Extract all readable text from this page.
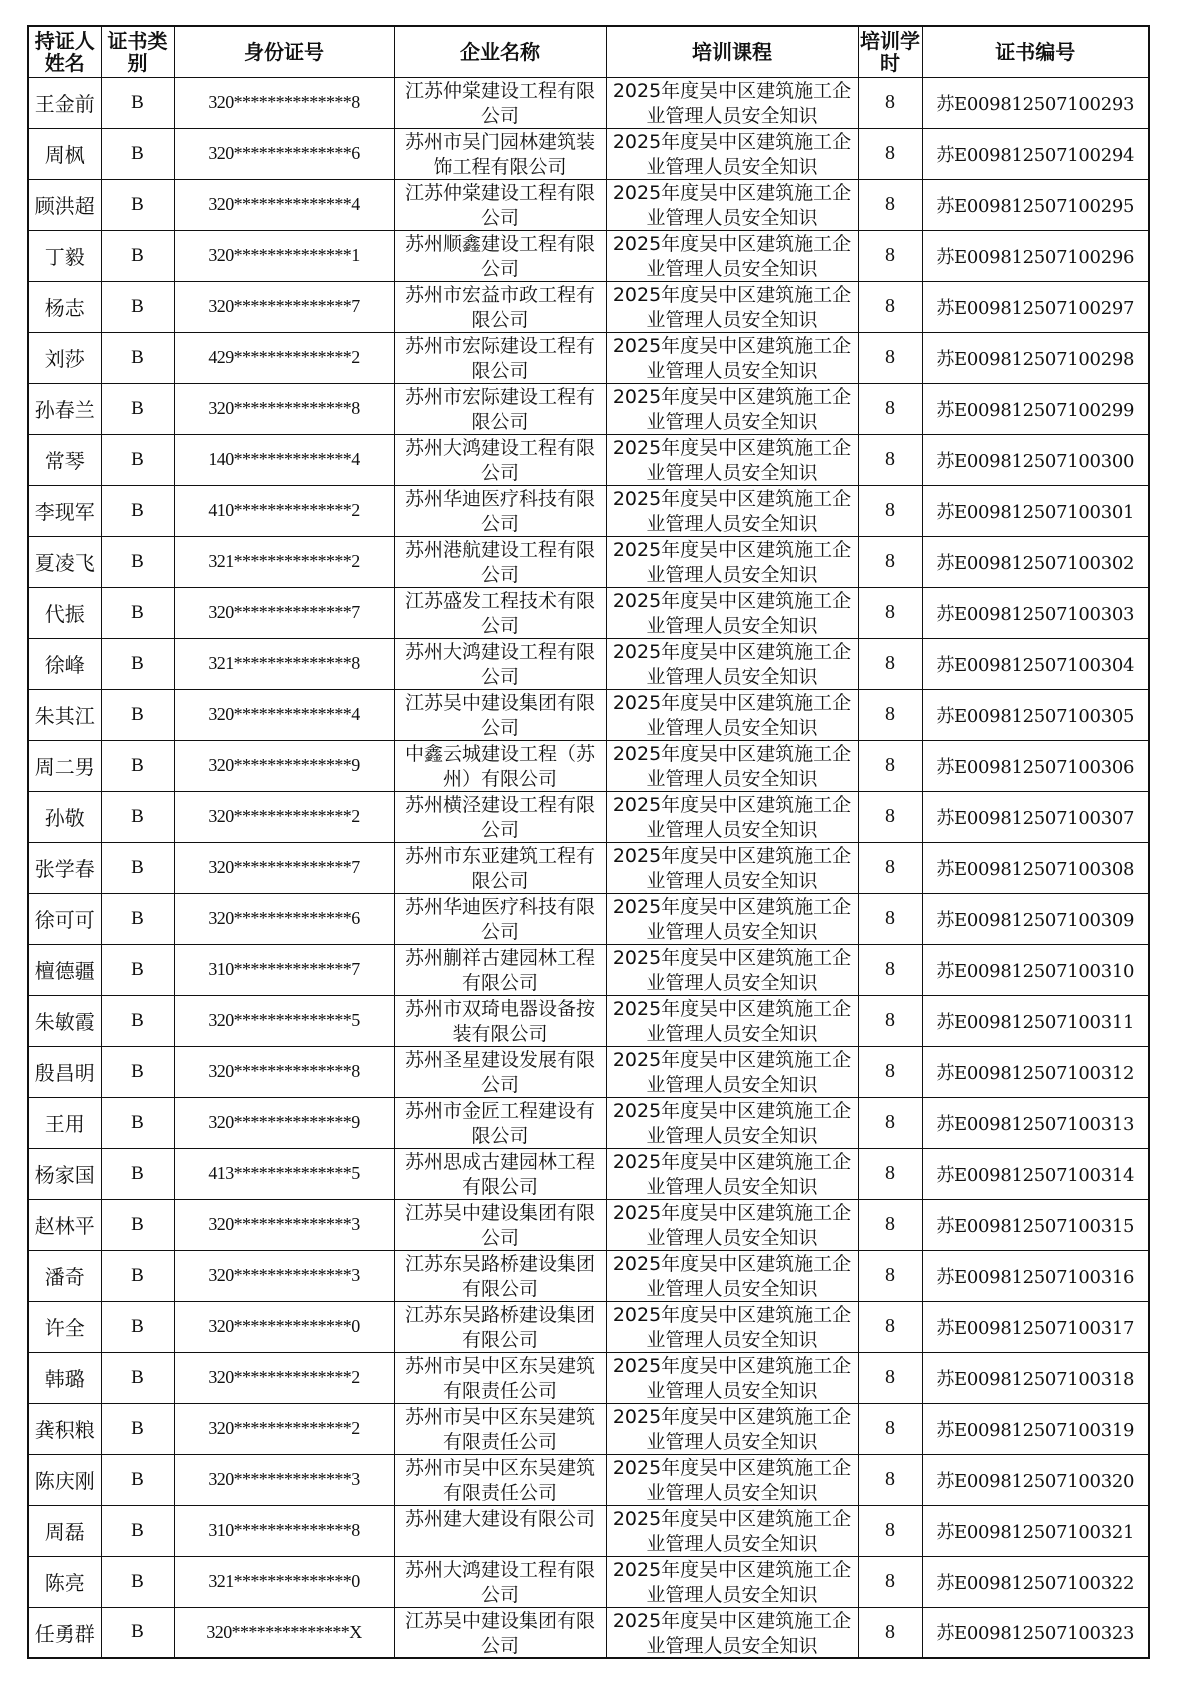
持证人姓名	证书类别	身份证号	企业名称	培训课程	培训学时	证书编号
王金前	B	320**************8	江苏仲棠建设工程有限公司	2025年度吴中区建筑施工企业管理人员安全知识	8	苏E009812507100293
周枫	B	320**************6	苏州市吴门园林建筑装饰工程有限公司	2025年度吴中区建筑施工企业管理人员安全知识	8	苏E009812507100294
顾洪超	B	320**************4	江苏仲棠建设工程有限公司	2025年度吴中区建筑施工企业管理人员安全知识	8	苏E009812507100295
丁毅	B	320**************1	苏州顺鑫建设工程有限公司	2025年度吴中区建筑施工企业管理人员安全知识	8	苏E009812507100296
杨志	B	320**************7	苏州市宏益市政工程有限公司	2025年度吴中区建筑施工企业管理人员安全知识	8	苏E009812507100297
刘莎	B	429**************2	苏州市宏际建设工程有限公司	2025年度吴中区建筑施工企业管理人员安全知识	8	苏E009812507100298
孙春兰	B	320**************8	苏州市宏际建设工程有限公司	2025年度吴中区建筑施工企业管理人员安全知识	8	苏E009812507100299
常琴	B	140**************4	苏州大鸿建设工程有限公司	2025年度吴中区建筑施工企业管理人员安全知识	8	苏E009812507100300
李现军	B	410**************2	苏州华迪医疗科技有限公司	2025年度吴中区建筑施工企业管理人员安全知识	8	苏E009812507100301
夏凌飞	B	321**************2	苏州港航建设工程有限公司	2025年度吴中区建筑施工企业管理人员安全知识	8	苏E009812507100302
代振	B	320**************7	江苏盛发工程技术有限公司	2025年度吴中区建筑施工企业管理人员安全知识	8	苏E009812507100303
徐峰	B	321**************8	苏州大鸿建设工程有限公司	2025年度吴中区建筑施工企业管理人员安全知识	8	苏E009812507100304
朱其江	B	320**************4	江苏吴中建设集团有限公司	2025年度吴中区建筑施工企业管理人员安全知识	8	苏E009812507100305
周二男	B	320**************9	中鑫云城建设工程（苏州）有限公司	2025年度吴中区建筑施工企业管理人员安全知识	8	苏E009812507100306
孙敬	B	320**************2	苏州横泾建设工程有限公司	2025年度吴中区建筑施工企业管理人员安全知识	8	苏E009812507100307
张学春	B	320**************7	苏州市东亚建筑工程有限公司	2025年度吴中区建筑施工企业管理人员安全知识	8	苏E009812507100308
徐可可	B	320**************6	苏州华迪医疗科技有限公司	2025年度吴中区建筑施工企业管理人员安全知识	8	苏E009812507100309
檀德疆	B	310**************7	苏州蒯祥古建园林工程有限公司	2025年度吴中区建筑施工企业管理人员安全知识	8	苏E009812507100310
朱敏霞	B	320**************5	苏州市双琦电器设备按装有限公司	2025年度吴中区建筑施工企业管理人员安全知识	8	苏E009812507100311
殷昌明	B	320**************8	苏州圣星建设发展有限公司	2025年度吴中区建筑施工企业管理人员安全知识	8	苏E009812507100312
王用	B	320**************9	苏州市金匠工程建设有限公司	2025年度吴中区建筑施工企业管理人员安全知识	8	苏E009812507100313
杨家国	B	413**************5	苏州思成古建园林工程有限公司	2025年度吴中区建筑施工企业管理人员安全知识	8	苏E009812507100314
赵林平	B	320**************3	江苏吴中建设集团有限公司	2025年度吴中区建筑施工企业管理人员安全知识	8	苏E009812507100315
潘奇	B	320**************3	江苏东吴路桥建设集团有限公司	2025年度吴中区建筑施工企业管理人员安全知识	8	苏E009812507100316
许全	B	320**************0	江苏东吴路桥建设集团有限公司	2025年度吴中区建筑施工企业管理人员安全知识	8	苏E009812507100317
韩璐	B	320**************2	苏州市吴中区东吴建筑有限责任公司	2025年度吴中区建筑施工企业管理人员安全知识	8	苏E009812507100318
龚积粮	B	320**************2	苏州市吴中区东吴建筑有限责任公司	2025年度吴中区建筑施工企业管理人员安全知识	8	苏E009812507100319
陈庆刚	B	320**************3	苏州市吴中区东吴建筑有限责任公司	2025年度吴中区建筑施工企业管理人员安全知识	8	苏E009812507100320
周磊	B	310**************8	苏州建大建设有限公司	2025年度吴中区建筑施工企业管理人员安全知识	8	苏E009812507100321
陈亮	B	321**************0	苏州大鸿建设工程有限公司	2025年度吴中区建筑施工企业管理人员安全知识	8	苏E009812507100322
任勇群	B	320**************X	江苏吴中建设集团有限公司	2025年度吴中区建筑施工企业管理人员安全知识	8	苏E009812507100323
